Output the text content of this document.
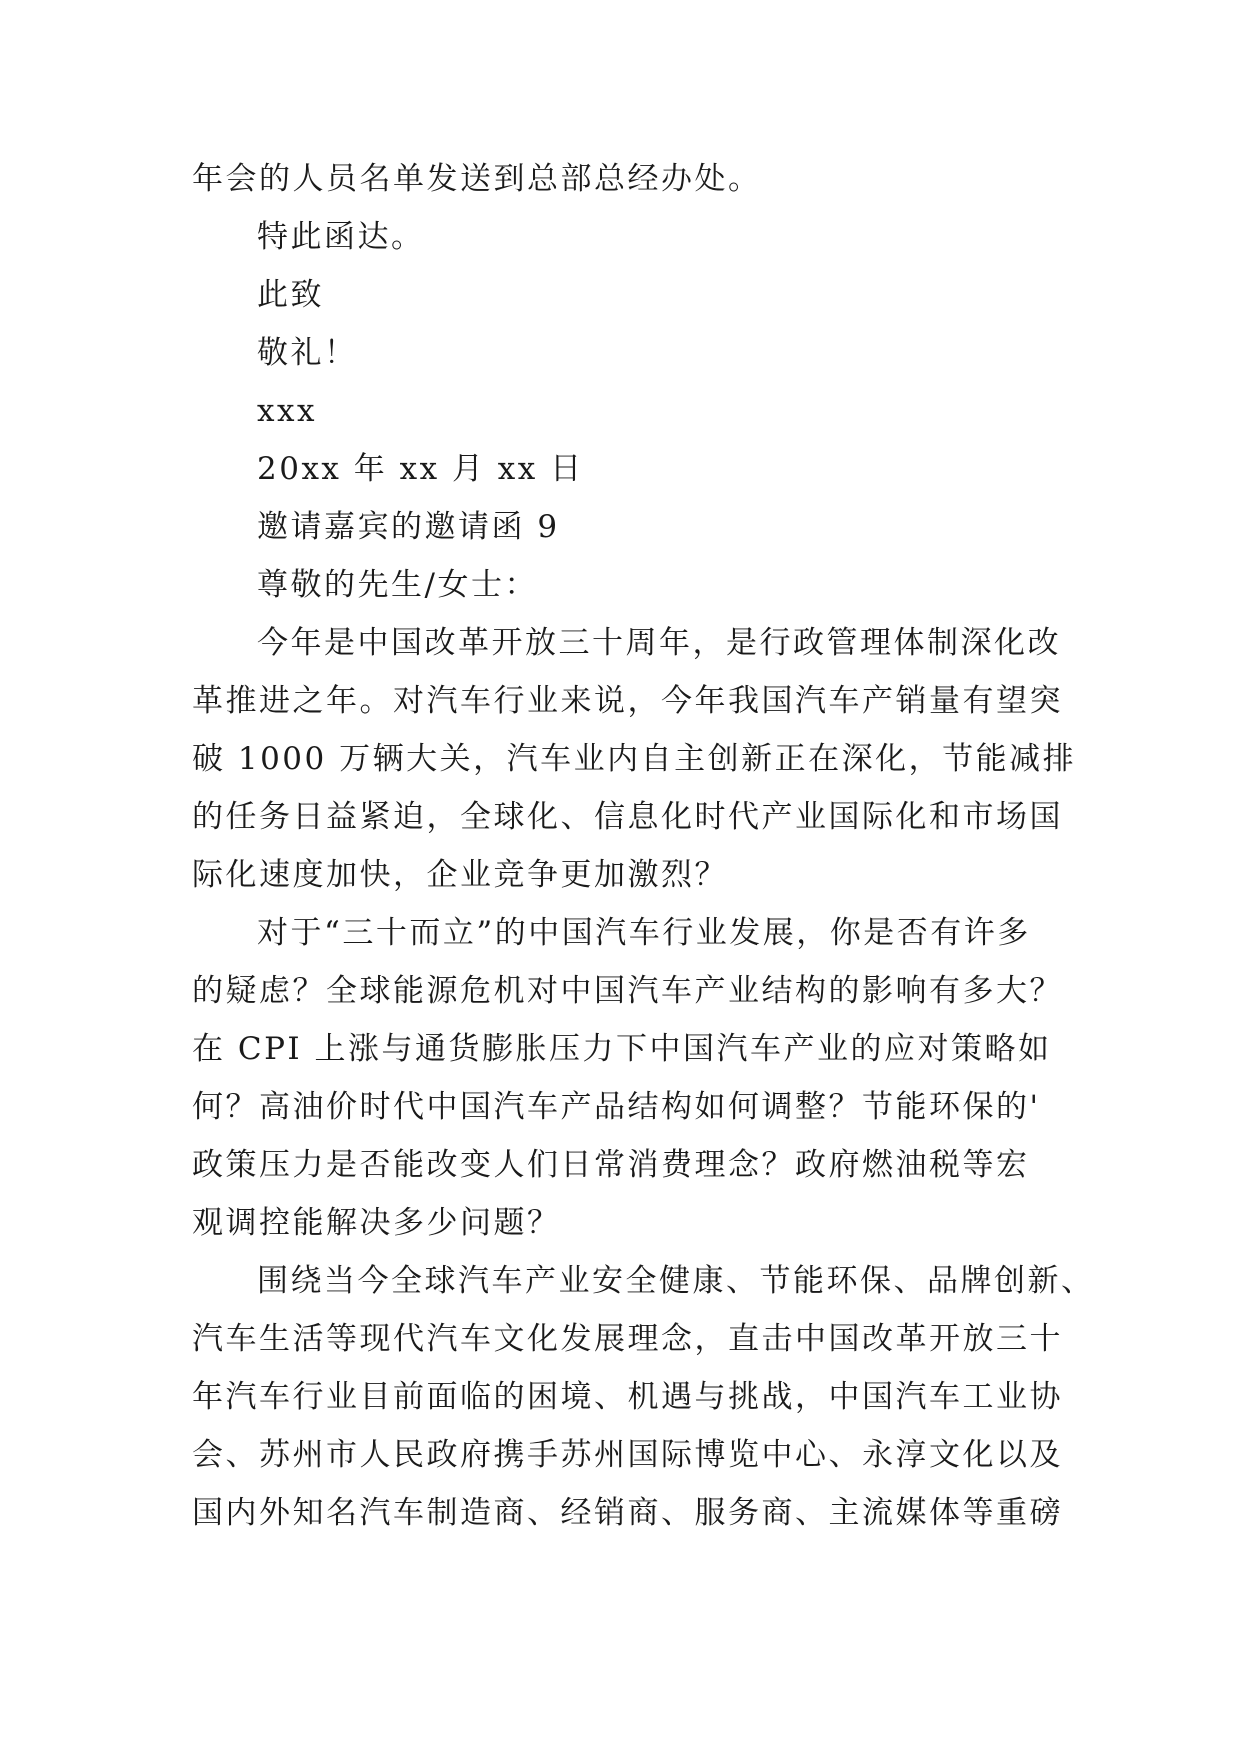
年会的人员名单发送到总部总经办处。
特此函达。
此致
敬礼！
xxx
20xx 年 xx 月 xx 日
邀请嘉宾的邀请函 9
尊敬的先生/女士：
今年是中国改革开放三十周年，是行政管理体制深化改
革推进之年。对汽车行业来说，今年我国汽车产销量有望突
破 1000 万辆大关，汽车业内自主创新正在深化，节能减排
的任务日益紧迫，全球化、信息化时代产业国际化和市场国
际化速度加快，企业竞争更加激烈？
对于“三十而立”的中国汽车行业发展，你是否有许多
的疑虑？全球能源危机对中国汽车产业结构的影响有多大？
在 CPI 上涨与通货膨胀压力下中国汽车产业的应对策略如
何？高油价时代中国汽车产品结构如何调整？节能环保的'
政策压力是否能改变人们日常消费理念？政府燃油税等宏
观调控能解决多少问题？
围绕当今全球汽车产业安全健康、节能环保、品牌创新、
汽车生活等现代汽车文化发展理念，直击中国改革开放三十
年汽车行业目前面临的困境、机遇与挑战，中国汽车工业协
会、苏州市人民政府携手苏州国际博览中心、永淳文化以及
国内外知名汽车制造商、经销商、服务商、主流媒体等重磅
